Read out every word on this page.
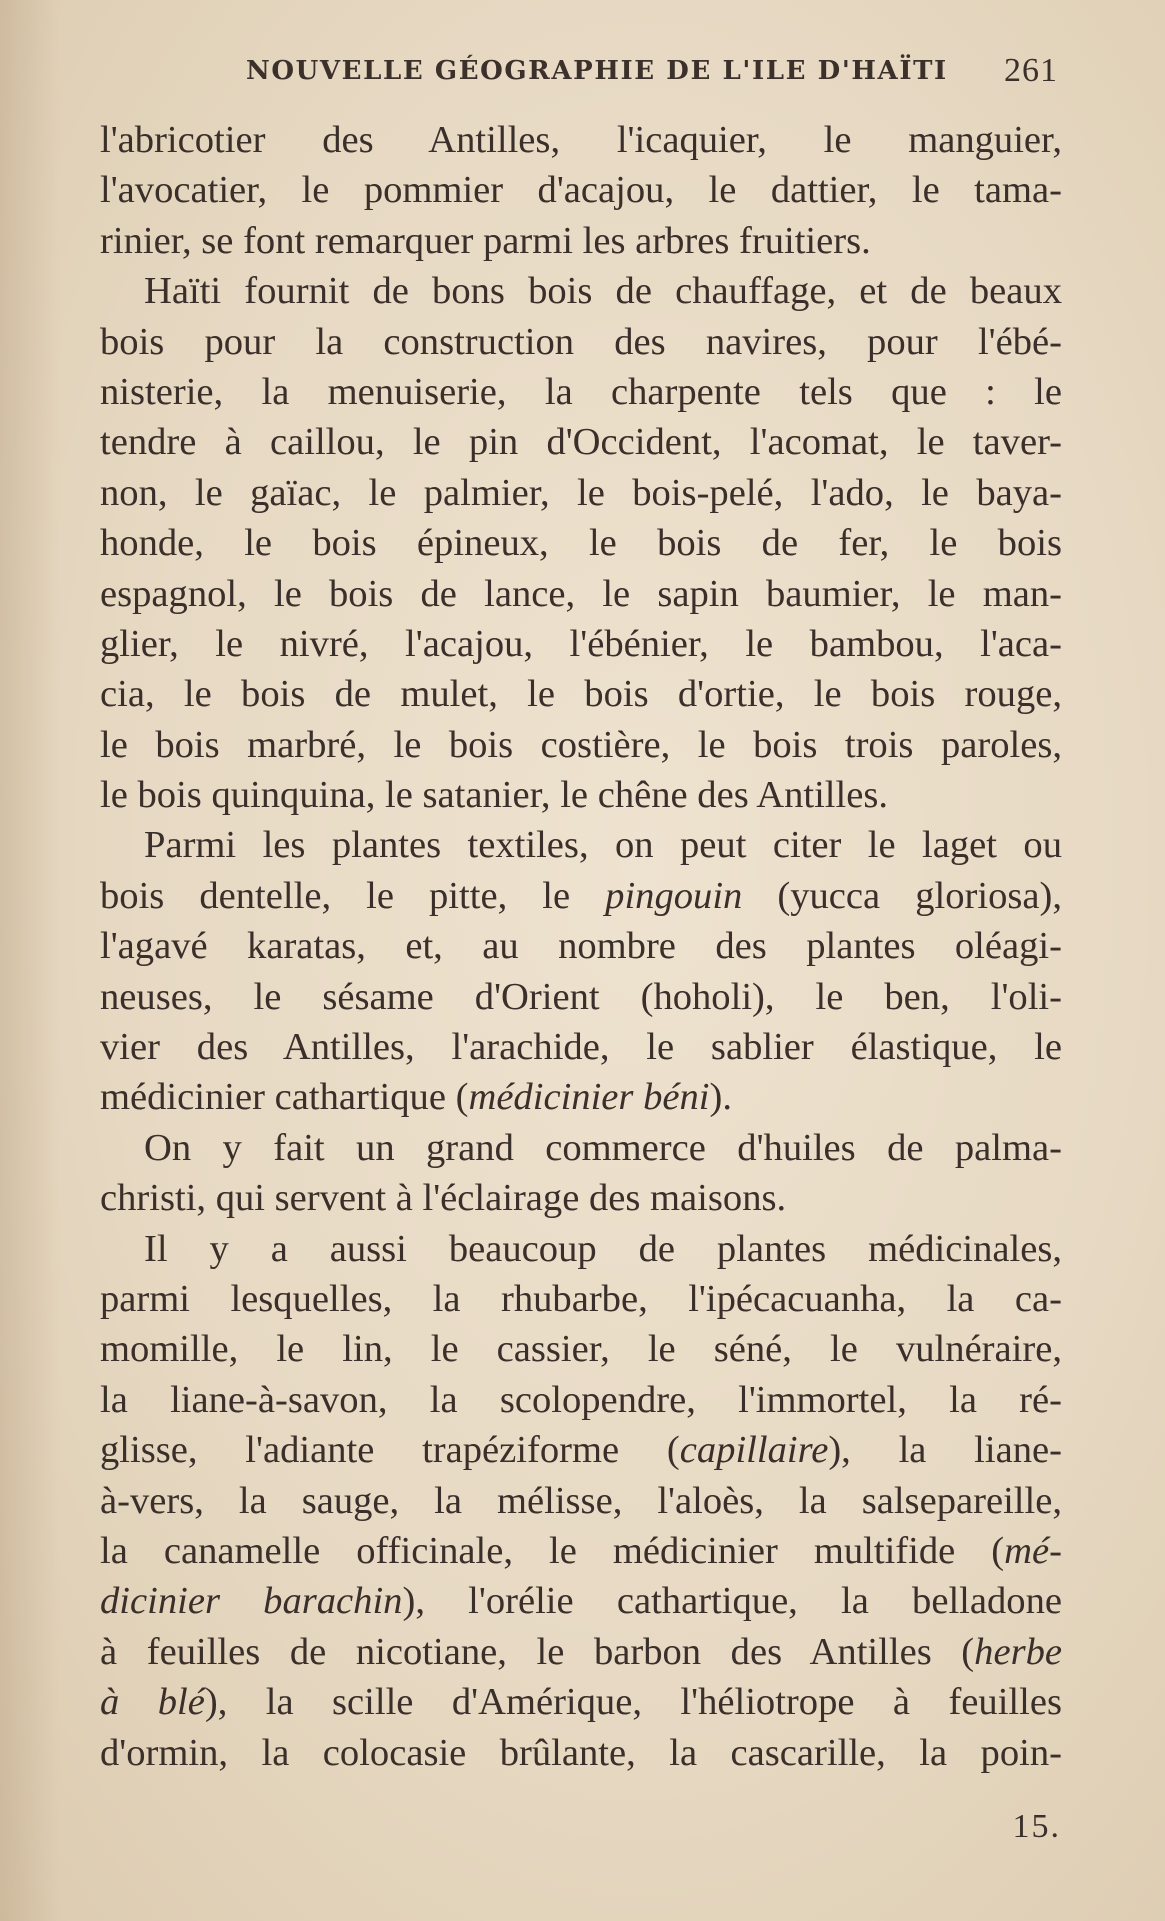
NOUVELLE GÉOGRAPHIE DE L'ILE D'HAÏTI 261
l'abricotier des Antilles, l'icaquier, le manguier,
l'avocatier, le pommier d'acajou, le dattier, le tama-
rinier, se font remarquer parmi les arbres fruitiers.
Haïti fournit de bons bois de chauffage, et de beaux
bois pour la construction des navires, pour l'ébé-
nisterie, la menuiserie, la charpente tels que : le
tendre à caillou, le pin d'Occident, l'acomat, le taver-
non, le gaïac, le palmier, le bois-pelé, l'ado, le baya-
honde, le bois épineux, le bois de fer, le bois
espagnol, le bois de lance, le sapin baumier, le man-
glier, le nivré, l'acajou, l'ébénier, le bambou, l'aca-
cia, le bois de mulet, le bois d'ortie, le bois rouge,
le bois marbré, le bois costière, le bois trois paroles,
le bois quinquina, le satanier, le chêne des Antilles.
Parmi les plantes textiles, on peut citer le laget ou
bois dentelle, le pitte, le pingouin (yucca gloriosa),
l'agavé karatas, et, au nombre des plantes oléagi-
neuses, le sésame d'Orient (hoholi), le ben, l'oli-
vier des Antilles, l'arachide, le sablier élastique, le
médicinier cathartique (médicinier béni).
On y fait un grand commerce d'huiles de palma-
christi, qui servent à l'éclairage des maisons.
Il y a aussi beaucoup de plantes médicinales,
parmi lesquelles, la rhubarbe, l'ipécacuanha, la ca-
momille, le lin, le cassier, le séné, le vulnéraire,
la liane-à-savon, la scolopendre, l'immortel, la ré-
glisse, l'adiante trapéziforme (capillaire), la liane-
à-vers, la sauge, la mélisse, l'aloès, la salsepareille,
la canamelle officinale, le médicinier multifide (mé-
dicinier barachin), l'orélie cathartique, la belladone
à feuilles de nicotiane, le barbon des Antilles (herbe
à blé), la scille d'Amérique, l'héliotrope à feuilles
d'ormin, la colocasie brûlante, la cascarille, la poin-
15.
